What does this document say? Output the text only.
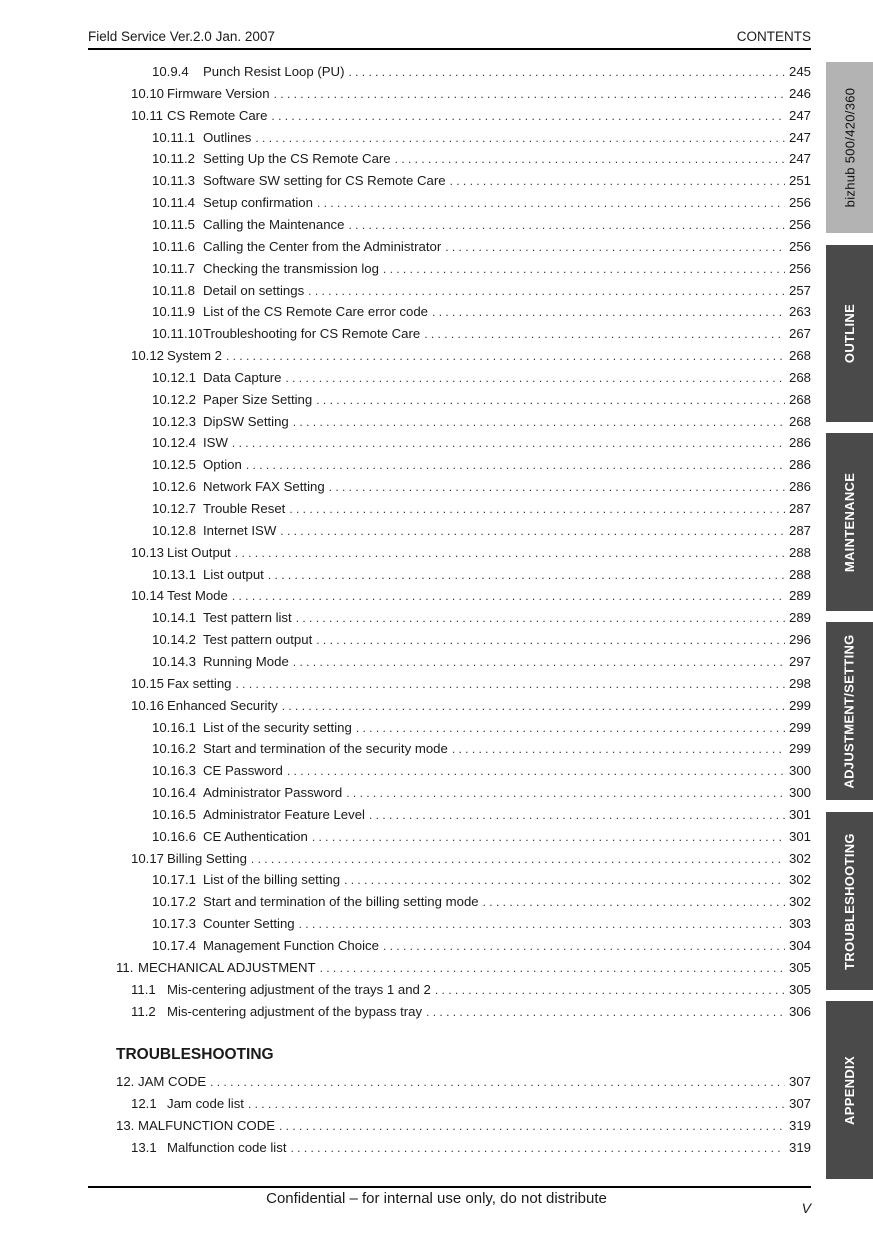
Field Service Ver.2.0 Jan. 2007	CONTENTS
10.9.4	Punch Resist Loop (PU) . . .	245
10.10 Firmware Version . . .	246
10.11 CS Remote Care . . .	247
10.11.1 Outlines . . .	247
10.11.2 Setting Up the CS Remote Care . . .	247
10.11.3 Software SW setting for CS Remote Care . . .	251
10.11.4 Setup confirmation . . .	256
10.11.5 Calling the Maintenance . . .	256
10.11.6 Calling the Center from the Administrator . . .	256
10.11.7 Checking the transmission log . . .	256
10.11.8 Detail on settings . . .	257
10.11.9 List of the CS Remote Care error code . . .	263
10.11.10 Troubleshooting for CS Remote Care . . .	267
10.12 System 2 . . .	268
10.12.1 Data Capture . . .	268
10.12.2 Paper Size Setting . . .	268
10.12.3 DipSW Setting . . .	268
10.12.4 ISW . . .	286
10.12.5 Option . . .	286
10.12.6 Network FAX Setting . . .	286
10.12.7 Trouble Reset . . .	287
10.12.8 Internet ISW . . .	287
10.13 List Output . . .	288
10.13.1 List output . . .	288
10.14 Test Mode . . .	289
10.14.1 Test pattern list . . .	289
10.14.2 Test pattern output . . .	296
10.14.3 Running Mode . . .	297
10.15 Fax setting . . .	298
10.16 Enhanced Security . . .	299
10.16.1 List of the security setting . . .	299
10.16.2 Start and termination of the security mode . . .	299
10.16.3 CE Password . . .	300
10.16.4 Administrator Password . . .	300
10.16.5 Administrator Feature Level . . .	301
10.16.6 CE Authentication . . .	301
10.17 Billing Setting . . .	302
10.17.1 List of the billing setting . . .	302
10.17.2 Start and termination of the billing setting mode . . .	302
10.17.3 Counter Setting . . .	303
10.17.4 Management Function Choice . . .	304
11. MECHANICAL ADJUSTMENT . . .	305
11.1 Mis-centering adjustment of the trays 1 and 2 . . .	305
11.2 Mis-centering adjustment of the bypass tray . . .	306
TROUBLESHOOTING
12. JAM CODE . . .	307
12.1 Jam code list . . .	307
13. MALFUNCTION CODE . . .	319
13.1 Malfunction code list . . .	319
bizhub 500/420/360
OUTLINE
MAINTENANCE
ADJUSTMENT/SETTING
TROUBLESHOOTING
APPENDIX
Confidential – for internal use only, do not distribute
V
